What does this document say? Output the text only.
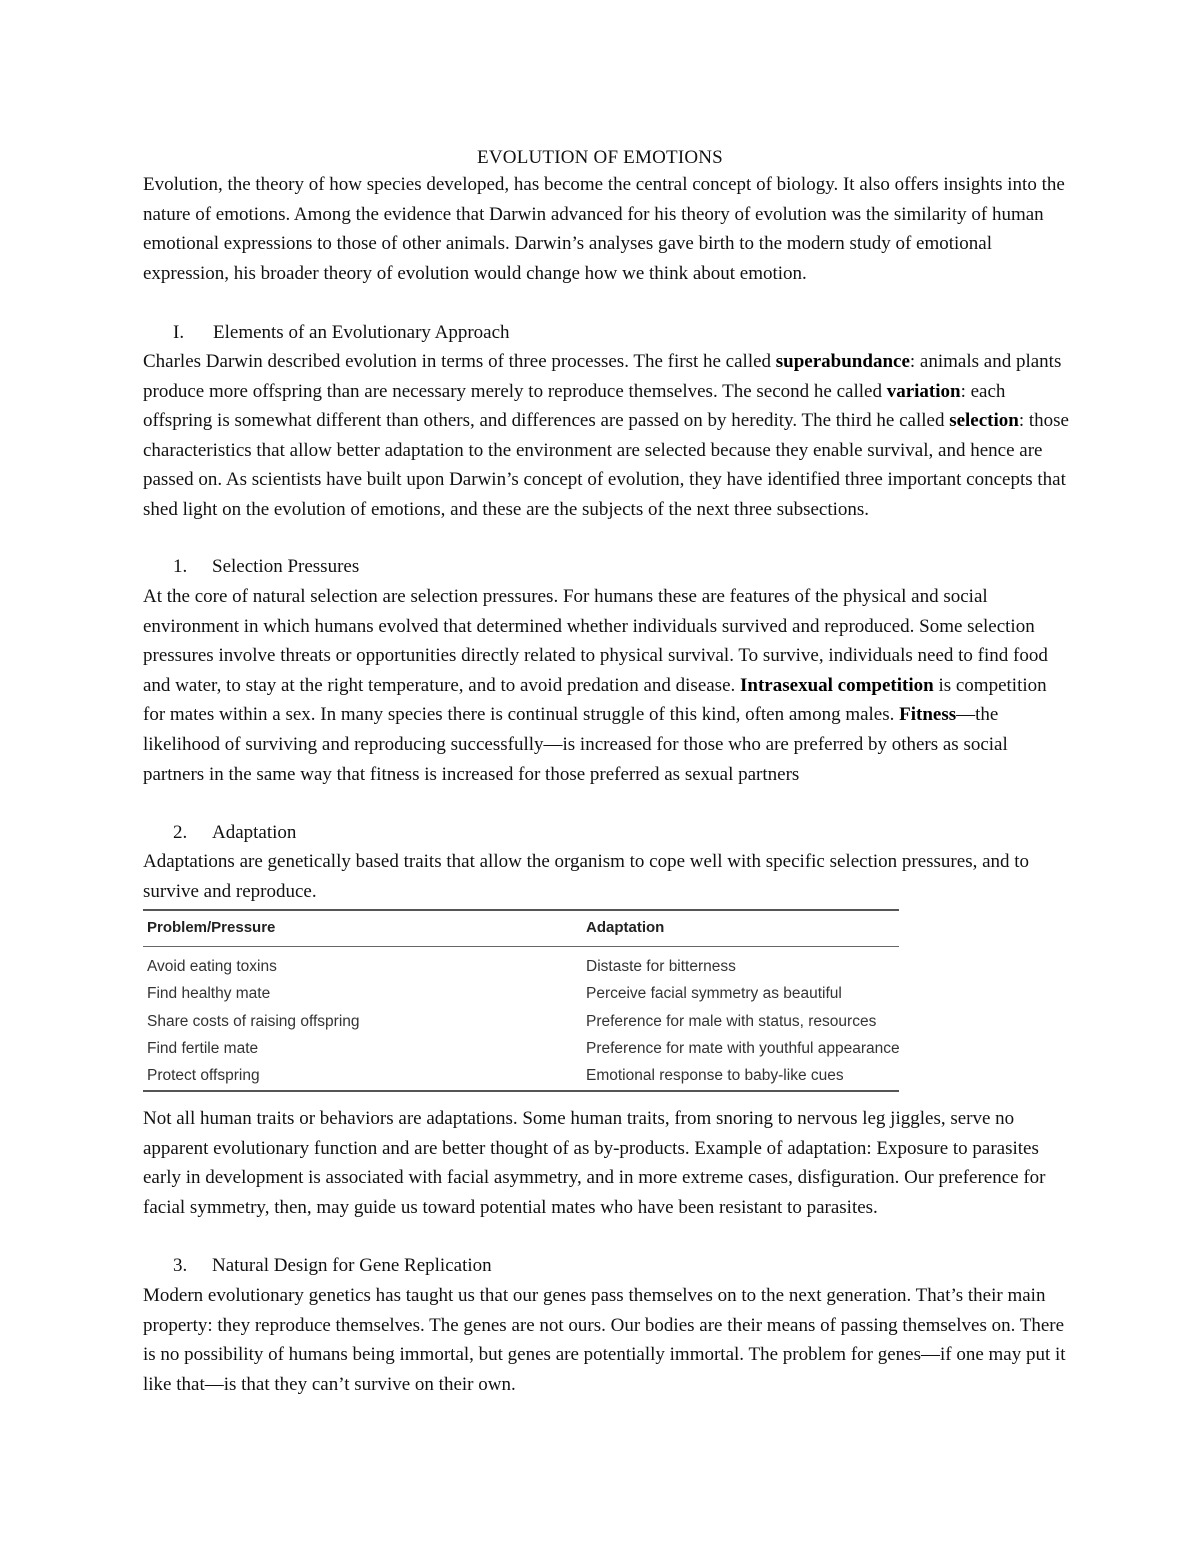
EVOLUTION OF EMOTIONS

Evolution, the theory of how species developed, has become the central concept of biology. It also offers insights into the nature of emotions. Among the evidence that Darwin advanced for his theory of evolution was the similarity of human emotional expressions to those of other animals. Darwin’s analyses gave birth to the modern study of emotional expression, his broader theory of evolution would change how we think about emotion.

I. Elements of an Evolutionary Approach

Charles Darwin described evolution in terms of three processes. The first he called superabundance: animals and plants produce more offspring than are necessary merely to reproduce themselves. The second he called variation: each offspring is somewhat different than others, and differences are passed on by heredity. The third he called selection: those characteristics that allow better adaptation to the environment are selected because they enable survival, and hence are passed on. As scientists have built upon Darwin’s concept of evolution, they have identified three important concepts that shed light on the evolution of emotions, and these are the subjects of the next three subsections.

1. Selection Pressures

At the core of natural selection are selection pressures. For humans these are features of the physical and social environment in which humans evolved that determined whether individuals survived and reproduced. Some selection pressures involve threats or opportunities directly related to physical survival. To survive, individuals need to find food and water, to stay at the right temperature, and to avoid predation and disease. Intrasexual competition is competition for mates within a sex. In many species there is continual struggle of this kind, often among males. Fitness—the likelihood of surviving and reproducing successfully—is increased for those who are preferred by others as social partners in the same way that fitness is increased for those preferred as sexual partners

2. Adaptation

Adaptations are genetically based traits that allow the organism to cope well with specific selection pressures, and to survive and reproduce.

Problem/Pressure	Adaptation
Avoid eating toxins	Distaste for bitterness
Find healthy mate	Perceive facial symmetry as beautiful
Share costs of raising offspring	Preference for male with status, resources
Find fertile mate	Preference for mate with youthful appearance
Protect offspring	Emotional response to baby-like cues

Not all human traits or behaviors are adaptations. Some human traits, from snoring to nervous leg jiggles, serve no apparent evolutionary function and are better thought of as by-products. Example of adaptation: Exposure to parasites early in development is associated with facial asymmetry, and in more extreme cases, disfiguration. Our preference for facial symmetry, then, may guide us toward potential mates who have been resistant to parasites.

3. Natural Design for Gene Replication

Modern evolutionary genetics has taught us that our genes pass themselves on to the next generation. That’s their main property: they reproduce themselves. The genes are not ours. Our bodies are their means of passing themselves on. There is no possibility of humans being immortal, but genes are potentially immortal. The problem for genes—if one may put it like that—is that they can’t survive on their own.
